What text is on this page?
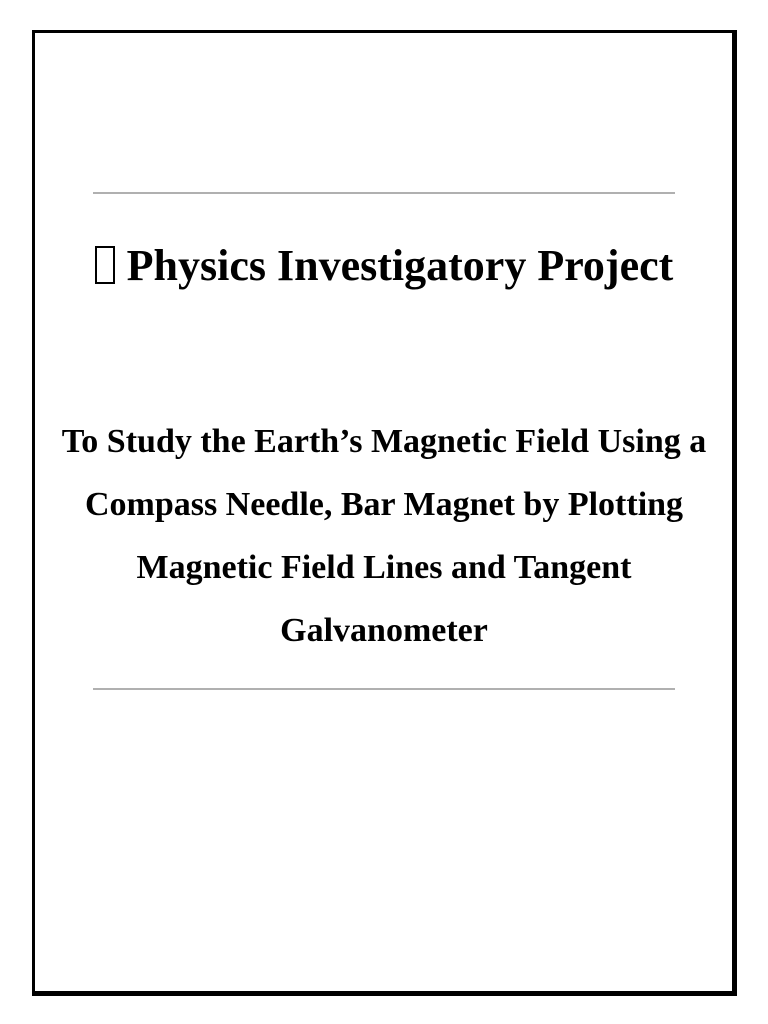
Physics Investigatory Project
To Study the Earth’s Magnetic Field Using a Compass Needle, Bar Magnet by Plotting Magnetic Field Lines and Tangent Galvanometer
